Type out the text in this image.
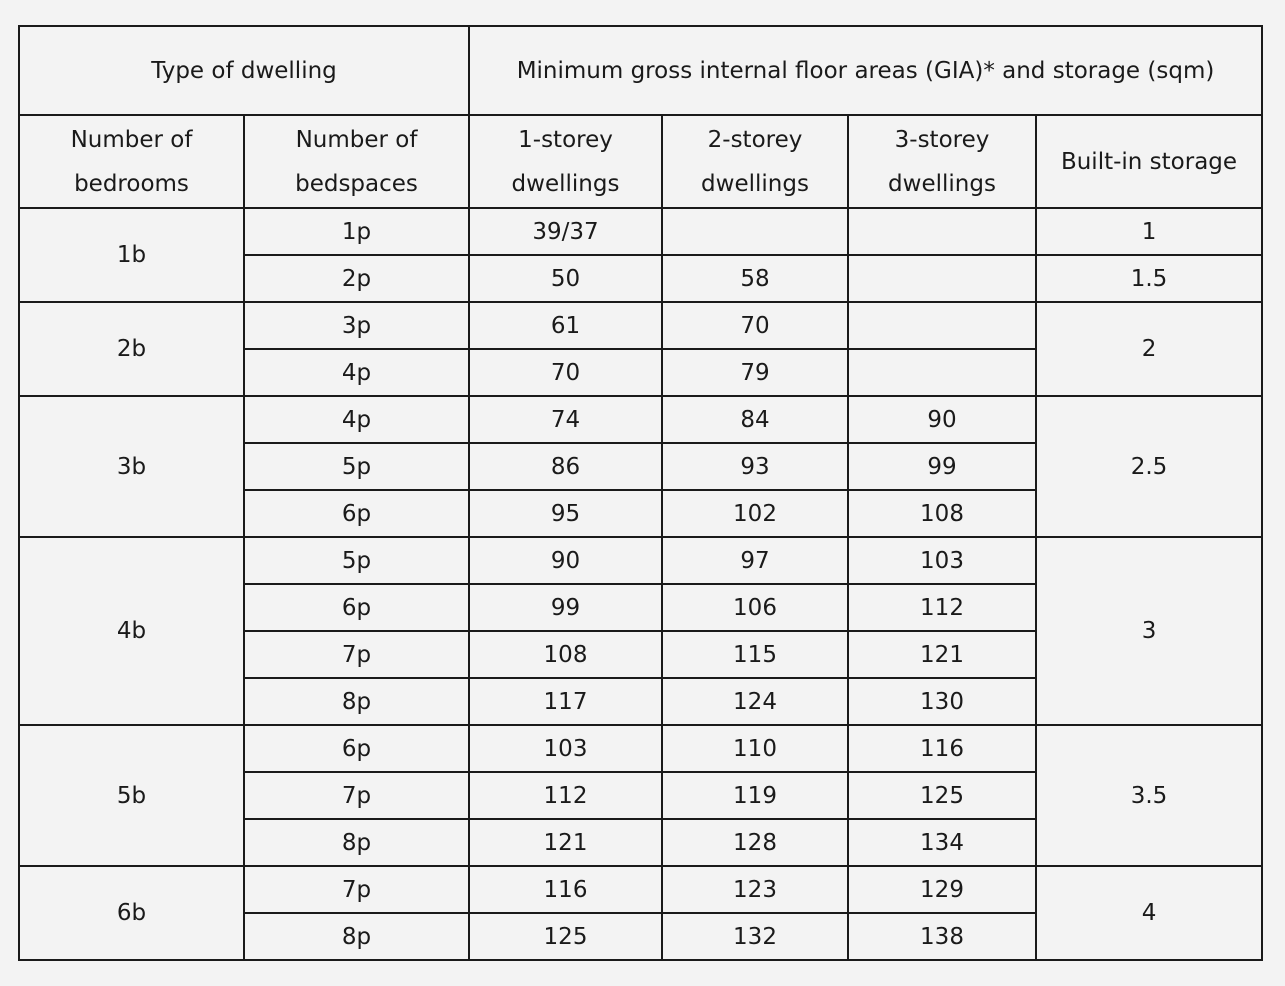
Type of dwelling		Minimum gross internal floor areas (GIA)* and storage (sqm)			
Number of bedrooms	Number of bedspaces	1-storey dwellings	2-storey dwellings	3-storey dwellings	Built-in storage
1b	1p	39/37			1
	2p	50	58		1.5
2b	3p	61	70		2
	4p	70	79		
3b	4p	74	84	90	2.5
	5p	86	93	99	
	6p	95	102	108	
4b	5p	90	97	103	3
	6p	99	106	112	
	7p	108	115	121	
	8p	117	124	130	
5b	6p	103	110	116	3.5
	7p	112	119	125	
	8p	121	128	134	
6b	7p	116	123	129	4
	8p	125	132	138	
